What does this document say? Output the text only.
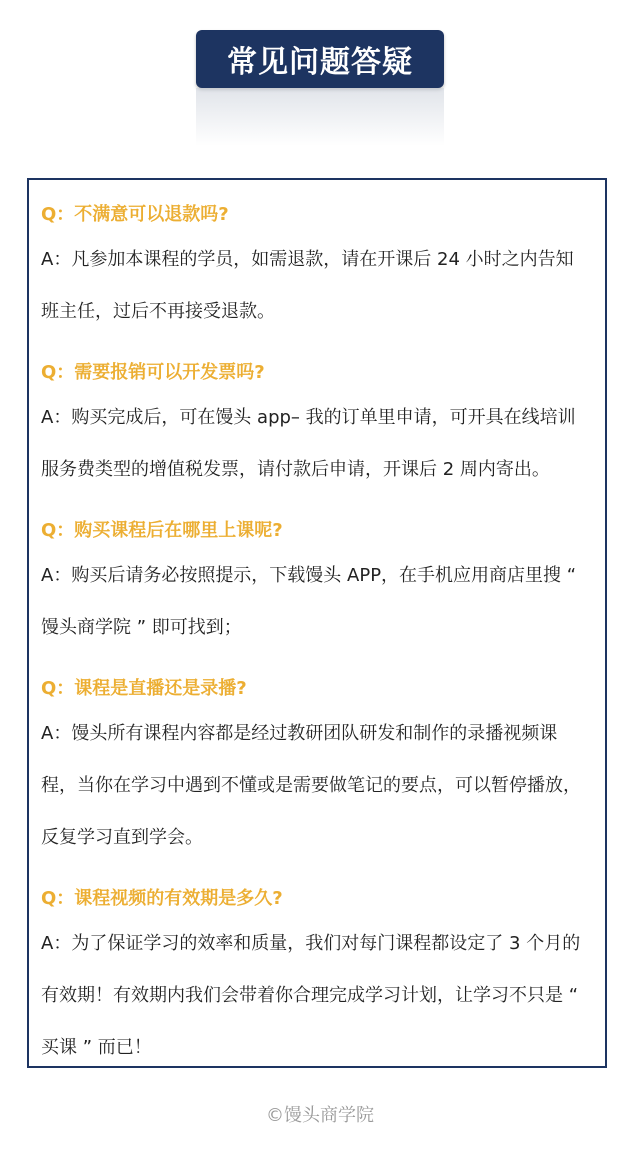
常见问题答疑

Q：不满意可以退款吗?

A：凡参加本课程的学员，如需退款，请在开课后 24 小时之内告知班主任，过后不再接受退款。

Q：需要报销可以开发票吗?

A：购买完成后，可在馒头 app– 我的订单里申请，可开具在线培训服务费类型的增值税发票，请付款后申请，开课后 2 周内寄出。

Q：购买课程后在哪里上课呢?

A：购买后请务必按照提示，下载馒头 APP，在手机应用商店里搜 “ 馒头商学院 ” 即可找到；

Q：课程是直播还是录播?

A：馒头所有课程内容都是经过教研团队研发和制作的录播视频课程，当你在学习中遇到不懂或是需要做笔记的要点，可以暂停播放，反复学习直到学会。

Q：课程视频的有效期是多久?

A：为了保证学习的效率和质量，我们对每门课程都设定了 3 个月的有效期！有效期内我们会带着你合理完成学习计划，让学习不只是 “ 买课 ” 而已！

©馒头商学院
